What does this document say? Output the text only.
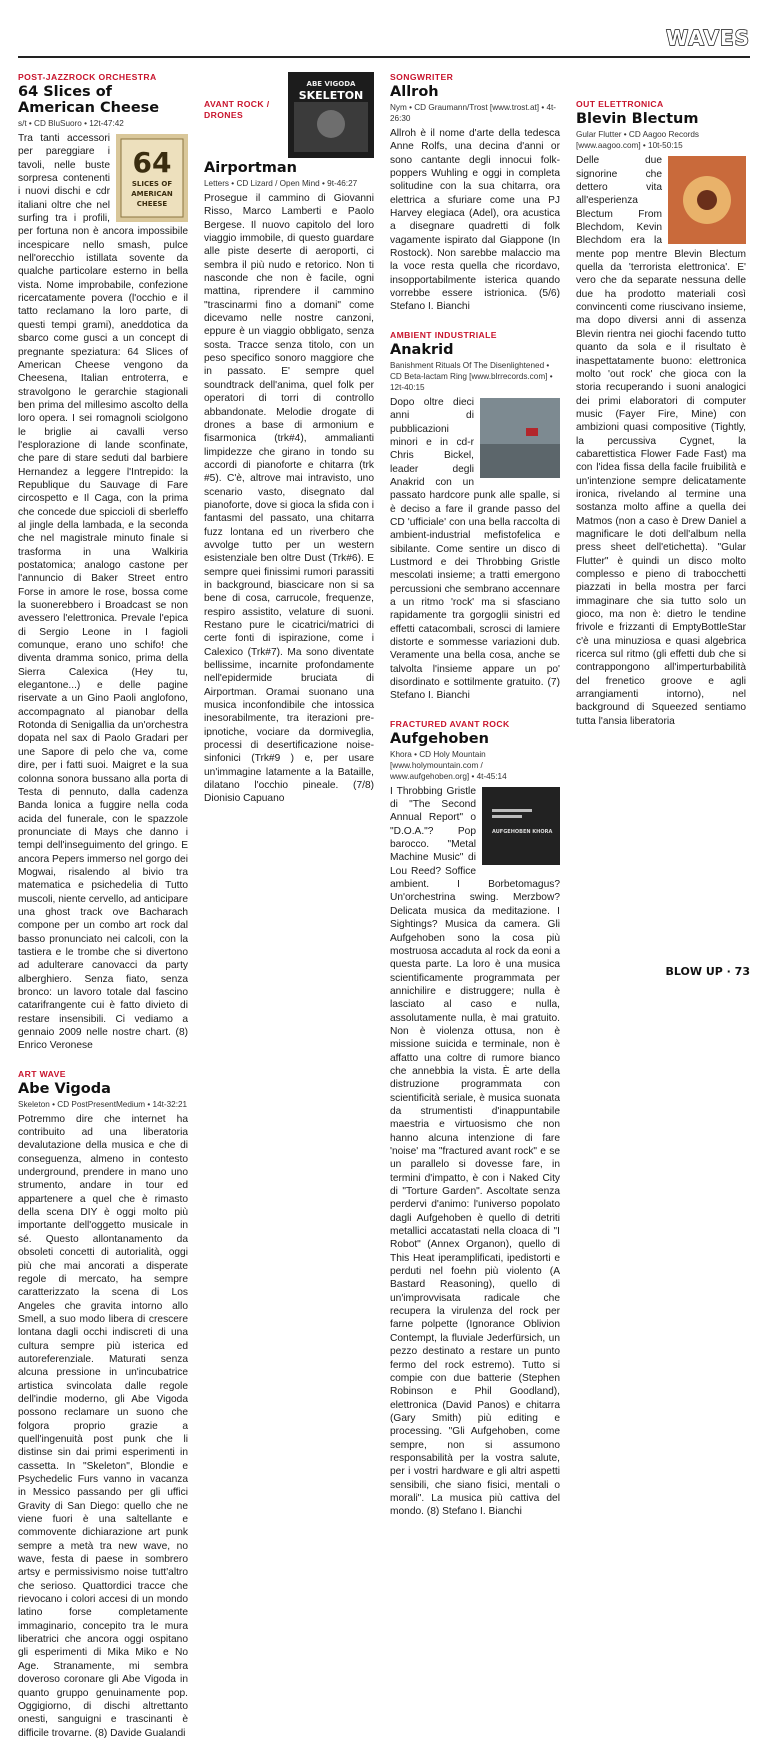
WAVES
POST-JAZZROCK ORCHESTRA
64 Slices of American Cheese
s/t • CD BluSuoro • 12t-47:42
64
SLICES OF
AMERICAN
CHEESE

Tra tanti accessori per pareggiare i tavoli, nelle buste sorpresa contenenti i nuovi dischi e cdr italiani oltre che nel surfing tra i profili, per fortuna non è ancora impossibile incespicare nello smash, pulce nell'orecchio istillata sovente da qualche particolare esterno in bella vista. Nome improbabile, confezione ricercatamente povera (l'occhio e il tatto reclamano la loro parte, di questi tempi grami), aneddotica da sbarco come gusci a un concept di pregnante speziatura: 64 Slices of American Cheese vengono da Cheesena, Italian entroterra, e stravolgono le gerarchie stagionali ben prima del millesimo ascolto della loro opera. I sei romagnoli sciolgono le briglie ai cavalli verso l'esplorazione di lande sconfinate, che pare di stare seduti dal barbiere Hernandez a leggere l'Intrepido: la Republique du Sauvage di Fare circospetto e Il Caga, con la prima che concede due spiccioli di sberleffo al jingle della lambada, e la seconda che nel magistrale minuto finale si trasforma in una Walkiria postatomica; analogo castone per l'annuncio di Baker Street entro Forse in amore le rose, bossa come la suonerebbero i Broadcast se non avessero l'elettronica. Prevale l'epica di Sergio Leone in I fagioli comunque, erano uno schifo! che diventa dramma sonico, prima della Sierra Calexica (Hey tu, elegantone...) e delle pagine riservate a un Gino Paoli anglofono, accompagnato al pianobar della Rotonda di Senigallia da un'orchestra dopata nel sax di Paolo Gradari per une Sapore di pelo che va, come dire, per i fatti suoi. Maigret e la sua colonna sonora bussano alla porta di Testa di pennuto, dalla cadenza Banda lonica a fuggire nella coda acida del funerale, con le spazzole pronunciate di Mays che danno i tempi dell'inseguimento del gringo. E ancora Pepers immerso nel gorgo dei Mogwai, risalendo al bivio tra matematica e psichedelia di Tutto muscoli, niente cervello, ad anticipare una ghost track ove Bacharach compone per un combo art rock dal basso pronunciato nei calcoli, con la tastiera e le trombe che si divertono ad adulterare canovacci da party alberghiero. Senza fiato, senza bronco: un lavoro totale dal fascino catarifrangente cui è fatto divieto di restare insensibili. Ci vediamo a gennaio 2009 nelle nostre chart. (8) Enrico Veronese

ART WAVE
Abe Vigoda
Skeleton • CD PostPresentMedium • 14t-32:21

Potremmo dire che internet ha contribuito ad una liberatoria devalutazione della musica e che di conseguenza, almeno in contesto underground, prendere in mano uno strumento, andare in tour ed appartenere a quel che è rimasto della scena DIY è oggi molto più importante dell'oggetto musicale in sé. Questo allontanamento da obsoleti concetti di autorialità, oggi più che mai ancorati a disperate regole di mercato, ha sempre caratterizzato la scena di Los Angeles che gravita intorno allo Smell, a suo modo libera di crescere lontana dagli occhi indiscreti di una cultura sempre più isterica ed autoreferenziale. Maturati senza alcuna pressione in un'incubatrice artistica svincolata dalle regole dell'indie moderno, gli Abe Vigoda possono reclamare un suono che folgora proprio grazie a quell'ingenuità post punk che li distinse sin dai primi esperimenti in cassetta. In "Skeleton", Blondie e Psychedelic Furs vanno in vacanza in Messico passando per gli uffici Gravity di San Diego: quello che ne viene fuori è una saltellante e commovente dichiarazione art punk sempre a metà tra new wave, no wave, festa di paese in sombrero artsy e permissivismo noise tutt'altro che serioso. Quattordici tracce che rievocano i colori accesi di un mondo latino forse completamente immaginario, concepito tra le mura liberatrici che ancora oggi ospitano gli esperimenti di Mika Miko e No Age. Stranamente, mi sembra doveroso coronare gli Abe Vigoda in quanto gruppo genuinamente pop. Oggigiorno, di dischi altrettanto onesti, sanguigni e trascinanti è difficile trovarne. (8) Davide Gualandi

ABE VIGODA
SKELETON

AVANT ROCK / DRONES
Airportman
Letters • CD Lizard / Open Mind • 9t-46:27

Prosegue il cammino di Giovanni Risso, Marco Lamberti e Paolo Bergese. Il nuovo capitolo del loro viaggio immobile, di questo guardare alle piste deserte di aeroporti, ci sembra il più nudo e retorico. Non ti nasconde che non è facile, ogni mattina, riprendere il cammino "trascinarmi fino a domani" come dicevamo nelle nostre canzoni, eppure è un viaggio obbligato, senza sosta. Tracce senza titolo, con un peso specifico sonoro maggiore che in passato. E' sempre quel soundtrack dell'anima, quel folk per operatori di torri di controllo abbandonate. Melodie drogate di drones a base di armonium e fisarmonica (trk#4), ammalianti limpidezze che girano in tondo su accordi di pianoforte e chitarra (trk #5). C'è, altrove mai intravisto, uno scenario vasto, disegnato dal pianoforte, dove si gioca la sfida con i fantasmi del passato, una chitarra fuzz lontana ed un riverbero che avvolge tutto per un western esistenziale ben oltre Dust (Trk#6). E sempre quei finissimi rumori parassiti in background, biascicare non si sa bene di cosa, carrucole, frequenze, respiro assistito, velature di suoni. Restano pure le cicatrici/matrici di certe fonti di ispirazione, come i Calexico (Trk#7). Ma sono diventate bellissime, incarnite profondamente nell'epidermide bruciata di Airportman. Oramai suonano una musica inconfondibile che intossica inesorabilmente, tra iterazioni pre-ipnotiche, vociare da dormiveglia, processi di desertificazione noise-sinfonici (Trk#9 ) e, per usare un'immagine latamente a la Bataille, dilatano l'occhio pineale. (7/8) Dionisio Capuano

SONGWRITER
Allroh
Nym • CD Graumann/Trost [www.trost.at] • 4t-26:30

Allroh è il nome d'arte della tedesca Anne Rolfs, una decina d'anni or sono cantante degli innocui folk-poppers Wuhling e oggi in completa solitudine con la sua chitarra, ora elettrica a sfuriare come una PJ Harvey elegiaca (Adel), ora acustica a disegnare quadretti di folk vagamente ispirato dal Giappone (In Rostock). Non sarebbe malaccio ma la voce resta quella che ricordavo, insopportabilmente isterica quando vorrebbe essere istrionica. (5/6) Stefano I. Bianchi

AMBIENT INDUSTRIALE
Anakrid
Banishment Rituals Of The Disenlightened • CD Beta-lactam Ring [www.blrrecords.com] • 12t-40:15

Dopo oltre dieci anni di pubblicazioni minori e in cd-r Chris Bickel, leader degli Anakrid con un passato hardcore punk alle spalle, si è deciso a fare il grande passo del CD 'ufficiale' con una bella raccolta di ambient-industrial mefistofelica e sibilante. Come sentire un disco di Lustmord e dei Throbbing Gristle mescolati insieme; a tratti emergono percussioni che sembrano accennare a un ritmo 'rock' ma si sfasciano rapidamente tra gorgoglii sinistri ed effetti catacombali, scrosci di lamiere distorte e sommesse variazioni dub. Veramente una bella cosa, anche se talvolta l'insieme appare un po' disordinato e sottilmente gratuito. (7) Stefano I. Bianchi

FRACTURED AVANT ROCK
Aufgehoben
Khora • CD Holy Mountain [www.holymountain.com / www.aufgehoben.org] • 4t-45:14
AUFGEHOBEN KHORA

I Throbbing Gristle di "The Second Annual Report" o "D.O.A."? Pop barocco. "Metal Machine Music" di Lou Reed? Soffice ambient. I Borbetomagus? Un'orchestrina swing. Merzbow? Delicata musica da meditazione. I Sightings? Musica da camera. Gli Aufgehoben sono la cosa più mostruosa accaduta al rock da eoni a questa parte. La loro è una musica scientificamente programmata per annichilire e distruggere; nulla è lasciato al caso e nulla, assolutamente nulla, è mai gratuito. Non è violenza ottusa, non è missione suicida e terminale, non è affatto una coltre di rumore bianco che annebbia la vista. È arte della distruzione programmata con scientificità seriale, è musica suonata da strumentisti d'inappuntabile maestria e virtuosismo che non hanno alcuna intenzione di fare 'noise' ma "fractured avant rock" e se un parallelo si dovesse fare, in termini d'impatto, è con i Naked City di "Torture Garden". Ascoltate senza perdervi d'animo: l'universo popolato dagli Aufgehoben è quello di detriti metallici accatastati nella cloaca di "I Robot" (Annex Organon), quello di This Heat iperamplificati, ipedistorti e perduti nel foehn più violento (A Bastard Reasoning), quello di un'improvvisata radicale che recupera la virulenza del rock per farne polpette (Ignorance Oblivion Contempt, la fluviale Jederfürsich, un pezzo destinato a restare un punto fermo del rock estremo). Tutto si compie con due batterie (Stephen Robinson e Phil Goodland), elettronica (David Panos) e chitarra (Gary Smith) più editing e processing. "Gli Aufgehoben, come sempre, non si assumono responsabilità per la vostra salute, per i vostri hardware e gli altri aspetti sensibili, che siano fisici, mentali o morali". La musica più cattiva del mondo. (8) Stefano I. Bianchi

OUT ELETTRONICA
Blevin Blectum
Gular Flutter • CD Aagoo Records [www.aagoo.com] • 10t-50:15

Delle due signorine che dettero vita all'esperienza Blectum From Blechdom, Kevin Blechdom era la mente pop mentre Blevin Blectum quella da 'terrorista elettronica'. E' vero che da separate nessuna delle due ha prodotto materiali così convincenti come riuscivano insieme, ma dopo diversi anni di assenza Blevin rientra nei giochi facendo tutto quanto da sola e il risultato è inaspettatamente buono: elettronica molto 'out rock' che gioca con la storia recuperando i suoni analogici dei primi elaboratori di computer music (Fayer Fire, Mine) con ambizioni quasi compositive (Tightly, la percussiva Cygnet, la cabarettistica Flower Fade Fast) ma con l'idea fissa della facile fruibilità e un'intenzione sempre delicatamente ironica, rivelando al termine una sostanza molto affine a quella dei Matmos (non a caso è Drew Daniel a magnificare le doti dell'album nella press sheet dell'etichetta). "Gular Flutter" è quindi un disco molto complesso e pieno di trabocchetti piazzati in bella mostra per farci immaginare che sia tutto solo un gioco, ma non è: dietro le tendine frivole e frizzanti di EmptyBottleStar c'è una minuziosa e quasi algebrica ricerca sul ritmo (gli effetti dub che si contrappongono all'imperturbabilità del frenetico groove e agli arrangiamenti intorno), nel background di Squeezed sentiamo tutta l'ansia liberatoria

BLOW UP · 73
